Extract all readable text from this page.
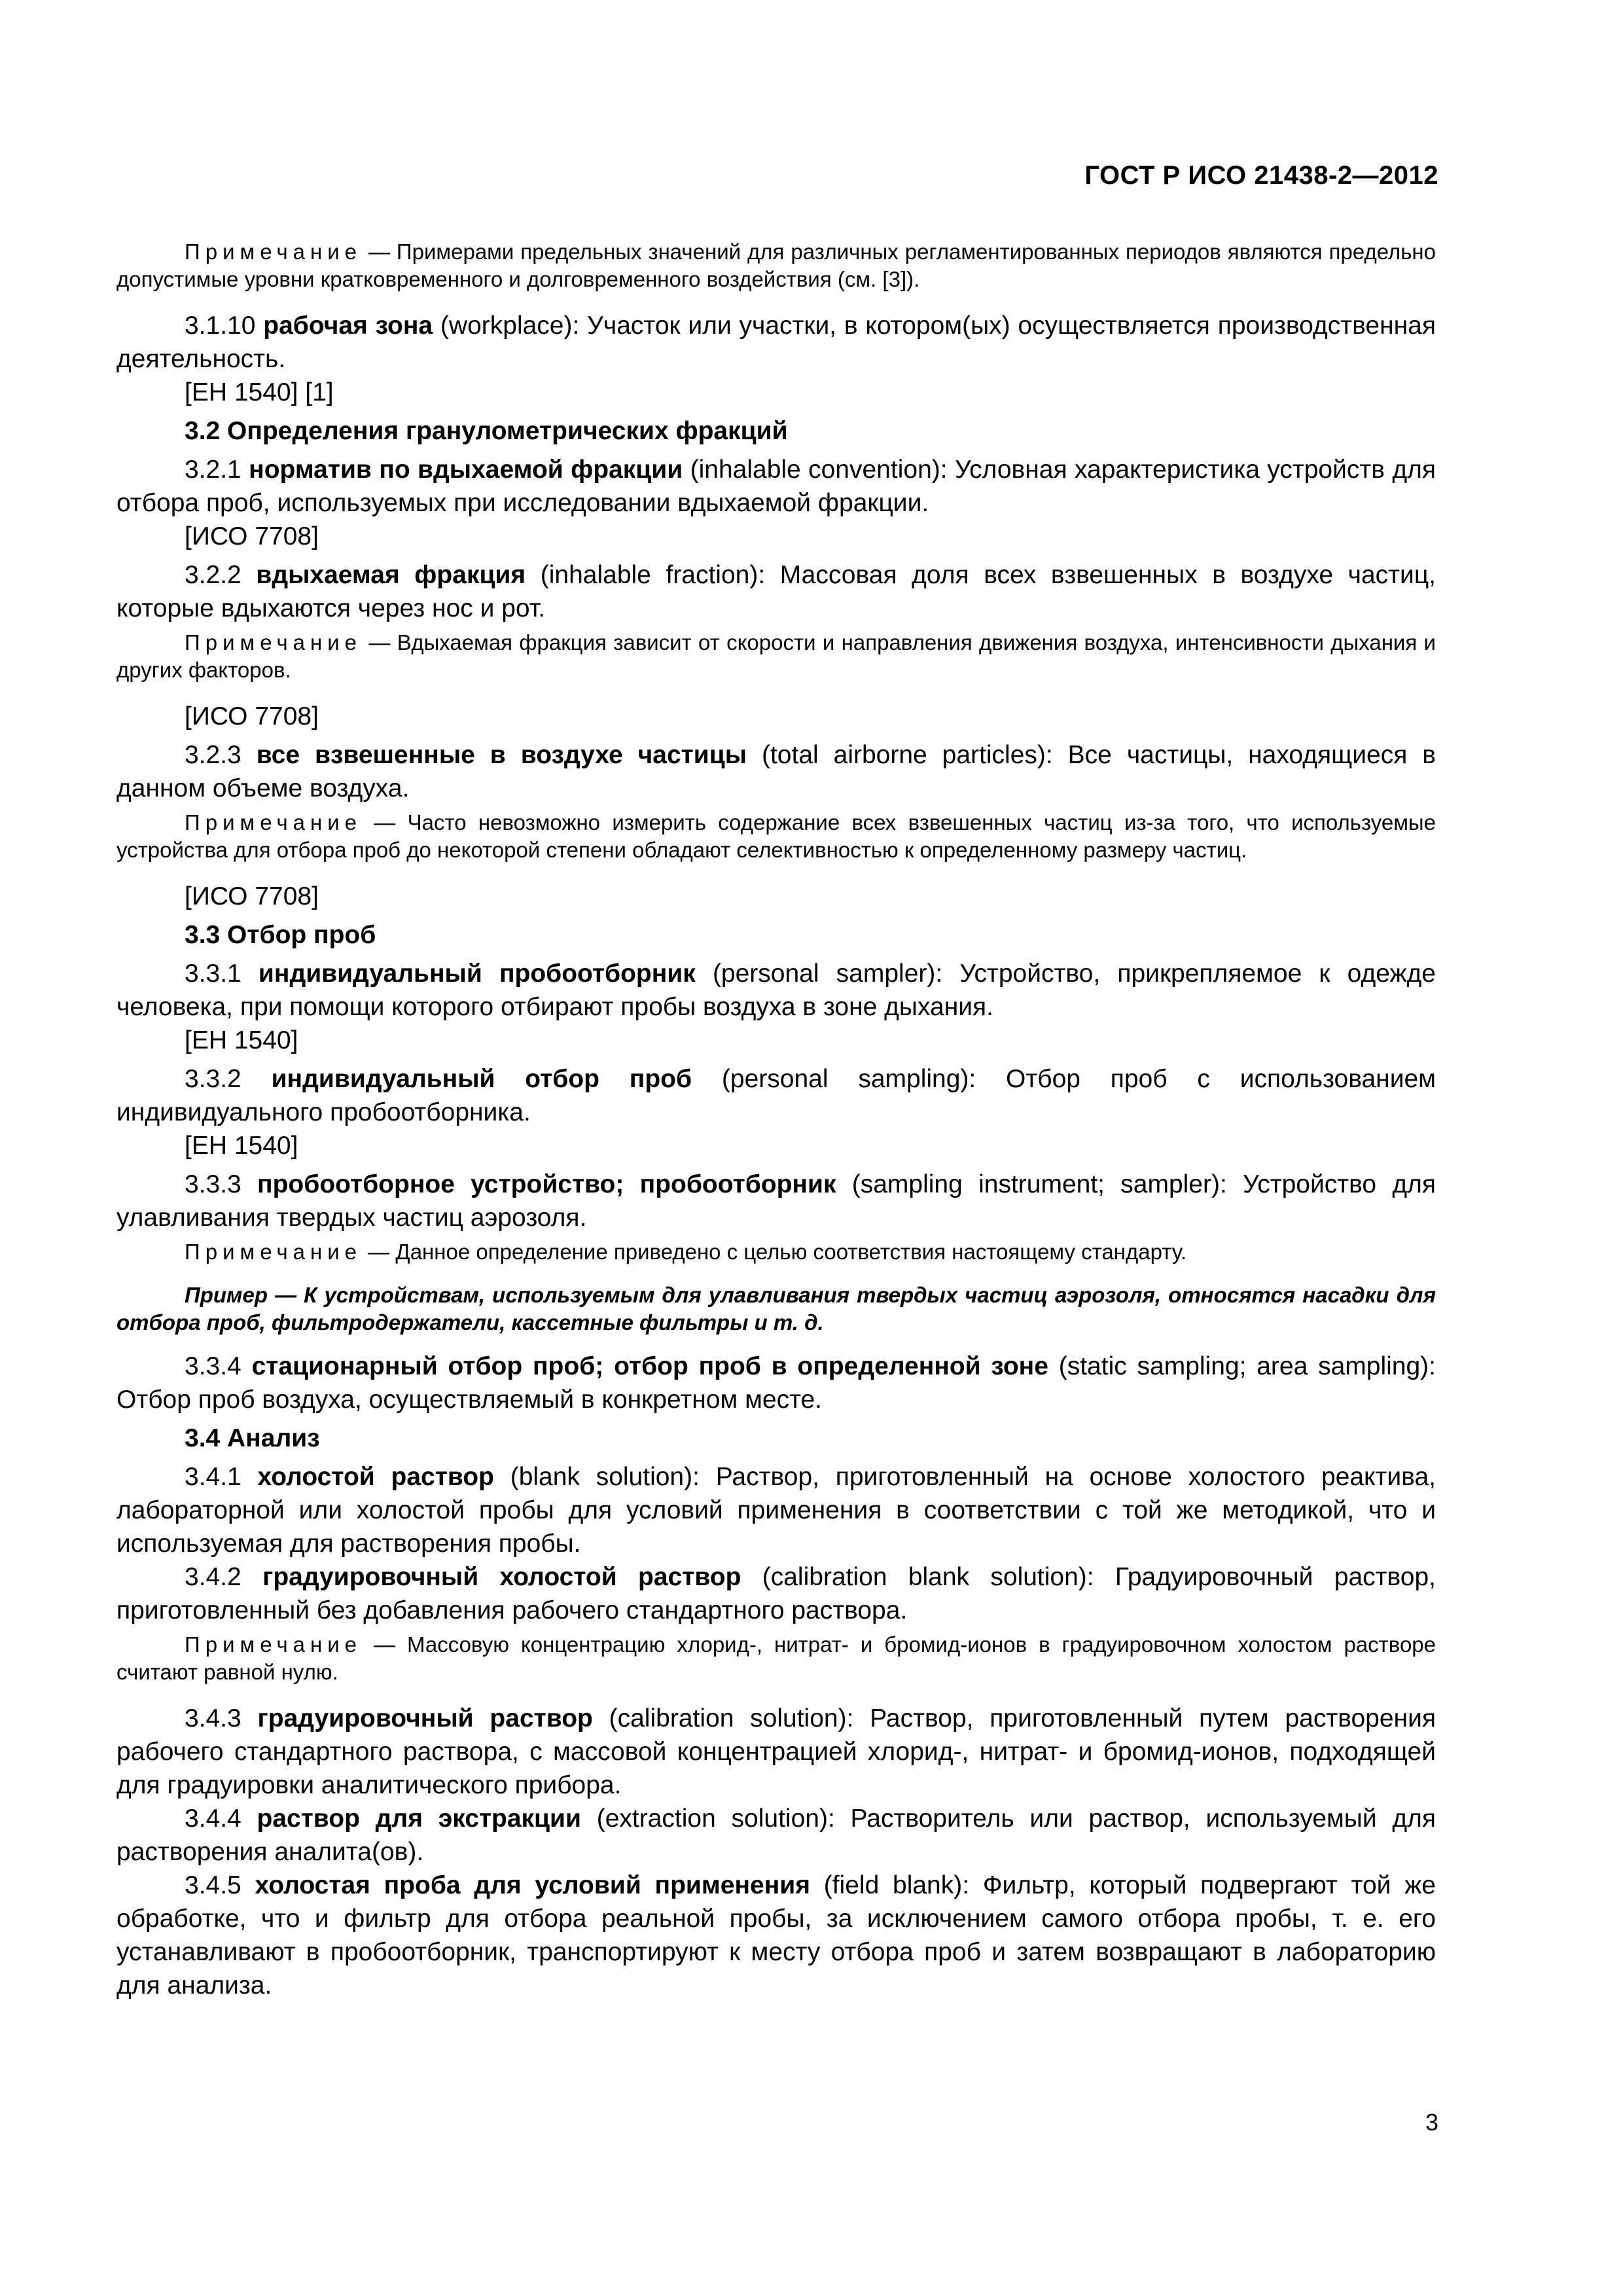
ГОСТ Р ИСО 21438-2—2012

Примечание — Примерами предельных значений для различных регламентированных периодов являются предельно допустимые уровни кратковременного и долговременного воздействия (см. [3]).

3.1.10 рабочая зона (workplace): Участок или участки, в котором(ых) осуществляется производственная деятельность.

[ЕН 1540] [1]

3.2 Определения гранулометрических фракций

3.2.1 норматив по вдыхаемой фракции (inhalable convention): Условная характеристика устройств для отбора проб, используемых при исследовании вдыхаемой фракции.

[ИСО 7708]

3.2.2 вдыхаемая фракция (inhalable fraction): Массовая доля всех взвешенных в воздухе частиц, которые вдыхаются через нос и рот.

Примечание — Вдыхаемая фракция зависит от скорости и направления движения воздуха, интенсивности дыхания и других факторов.

[ИСО 7708]

3.2.3 все взвешенные в воздухе частицы (total airborne particles): Все частицы, находящиеся в данном объеме воздуха.

Примечание — Часто невозможно измерить содержание всех взвешенных частиц из-за того, что используемые устройства для отбора проб до некоторой степени обладают селективностью к определенному размеру частиц.

[ИСО 7708]

3.3 Отбор проб

3.3.1 индивидуальный пробоотборник (personal sampler): Устройство, прикрепляемое к одежде человека, при помощи которого отбирают пробы воздуха в зоне дыхания.

[ЕН 1540]

3.3.2 индивидуальный отбор проб (personal sampling): Отбор проб с использованием индивидуального пробоотборника.

[ЕН 1540]

3.3.3 пробоотборное устройство; пробоотборник (sampling instrument; sampler): Устройство для улавливания твердых частиц аэрозоля.

Примечание — Данное определение приведено с целью соответствия настоящему стандарту.

Пример — К устройствам, используемым для улавливания твердых частиц аэрозоля, относятся насадки для отбора проб, фильтродержатели, кассетные фильтры и т. д.

3.3.4 стационарный отбор проб; отбор проб в определенной зоне (static sampling; area sampling): Отбор проб воздуха, осуществляемый в конкретном месте.

3.4 Анализ

3.4.1 холостой раствор (blank solution): Раствор, приготовленный на основе холостого реактива, лабораторной или холостой пробы для условий применения в соответствии с той же методикой, что и используемая для растворения пробы.

3.4.2 градуировочный холостой раствор (calibration blank solution): Градуировочный раствор, приготовленный без добавления рабочего стандартного раствора.

Примечание — Массовую концентрацию хлорид-, нитрат- и бромид-ионов в градуировочном холостом растворе считают равной нулю.

3.4.3 градуировочный раствор (calibration solution): Раствор, приготовленный путем растворения рабочего стандартного раствора, с массовой концентрацией хлорид-, нитрат- и бромид-ионов, подходящей для градуировки аналитического прибора.

3.4.4 раствор для экстракции (extraction solution): Растворитель или раствор, используемый для растворения аналита(ов).

3.4.5 холостая проба для условий применения (field blank): Фильтр, который подвергают той же обработке, что и фильтр для отбора реальной пробы, за исключением самого отбора пробы, т. е. его устанавливают в пробоотборник, транспортируют к месту отбора проб и затем возвращают в лабораторию для анализа.

3
